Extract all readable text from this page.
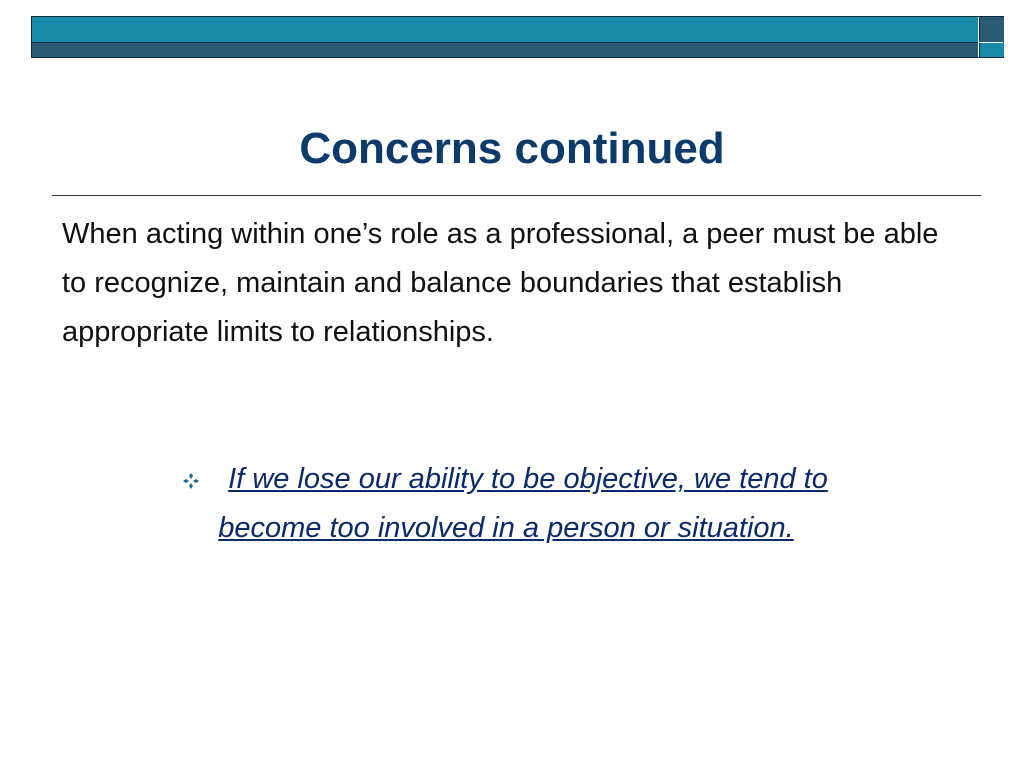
Concerns continued

When acting within one’s role as a professional, a peer must be able to recognize, maintain and balance boundaries that establish appropriate limits to relationships.

If we lose our ability to be objective, we tend to become too involved in a person or situation.
